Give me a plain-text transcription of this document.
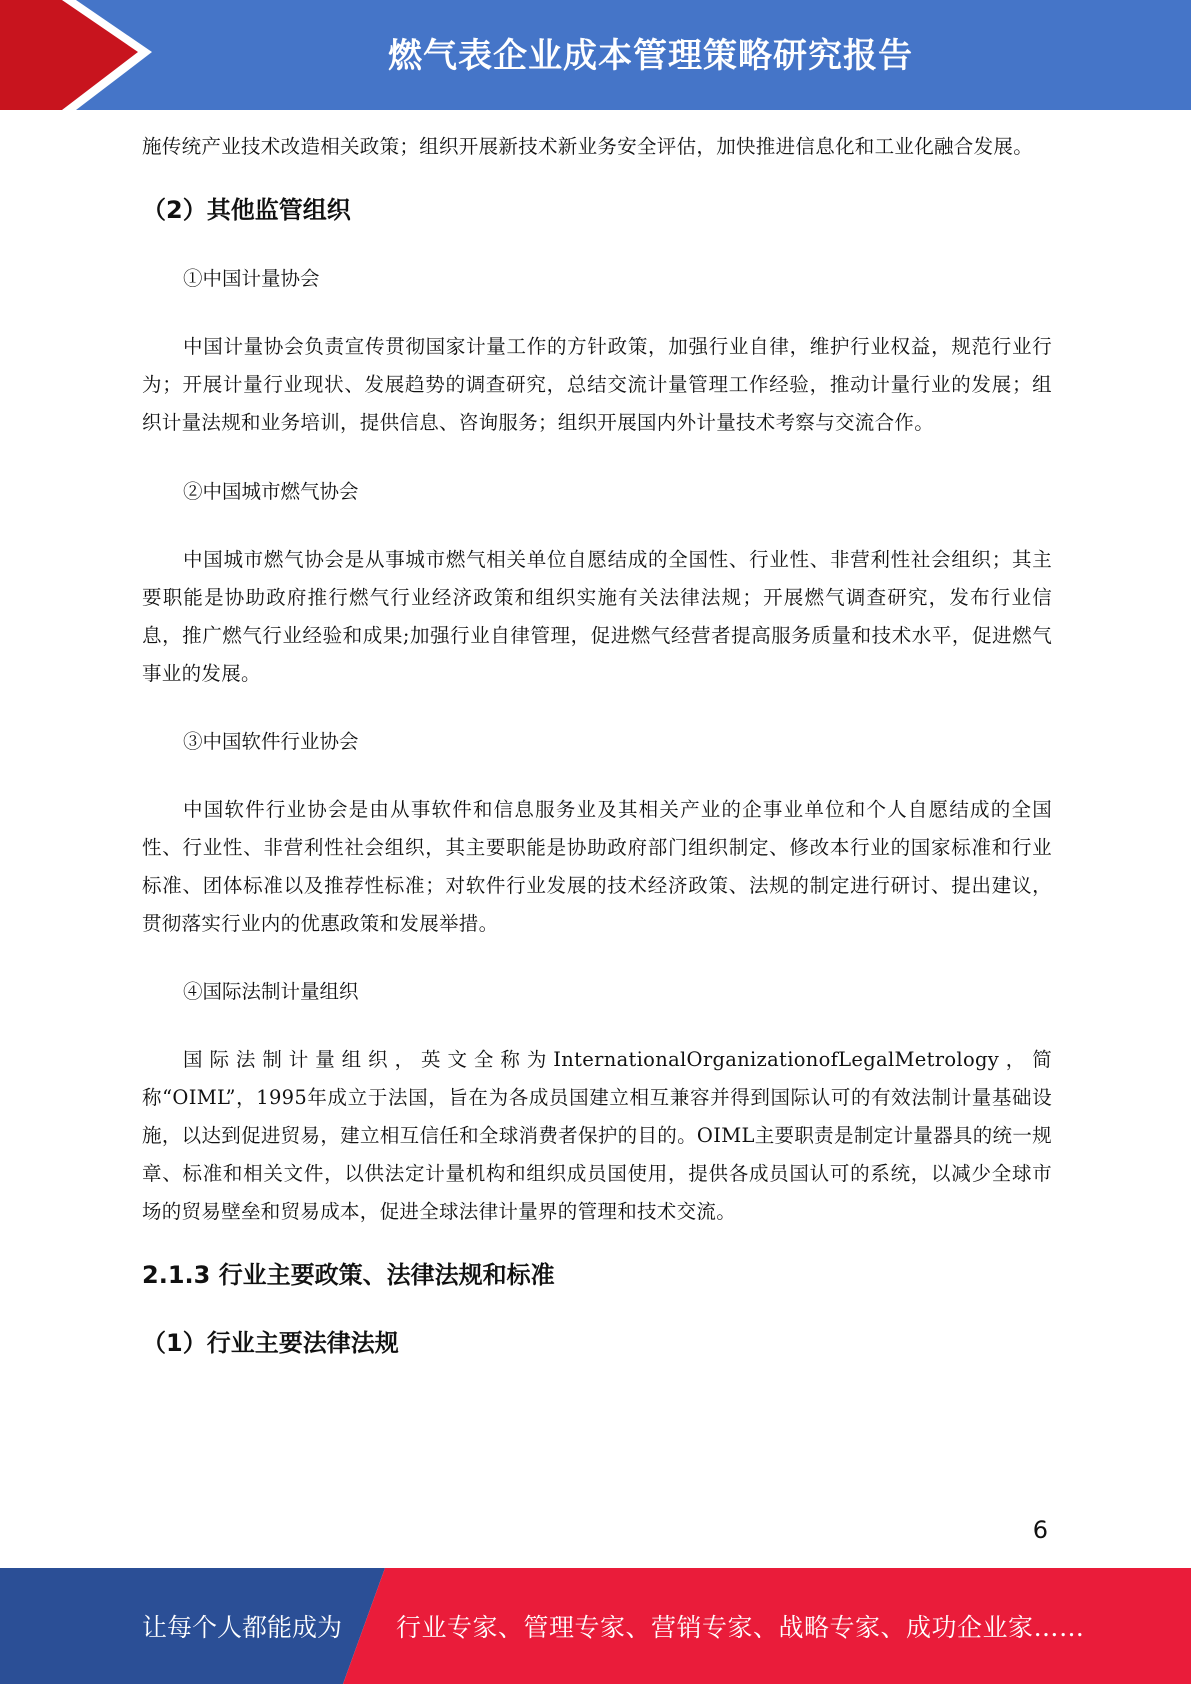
燃气表企业成本管理策略研究报告

施传统产业技术改造相关政策；组织开展新技术新业务安全评估，加快推进信息化和工业化融合发展。

（2）其他监管组织

①中国计量协会

中国计量协会负责宣传贯彻国家计量工作的方针政策，加强行业自律，维护行业权益，规范行业行为；开展计量行业现状、发展趋势的调查研究，总结交流计量管理工作经验，推动计量行业的发展；组织计量法规和业务培训，提供信息、咨询服务；组织开展国内外计量技术考察与交流合作。

②中国城市燃气协会

中国城市燃气协会是从事城市燃气相关单位自愿结成的全国性、行业性、非营利性社会组织；其主要职能是协助政府推行燃气行业经济政策和组织实施有关法律法规；开展燃气调查研究，发布行业信息，推广燃气行业经验和成果;加强行业自律管理，促进燃气经营者提高服务质量和技术水平，促进燃气事业的发展。

③中国软件行业协会

中国软件行业协会是由从事软件和信息服务业及其相关产业的企事业单位和个人自愿结成的全国性、行业性、非营利性社会组织，其主要职能是协助政府部门组织制定、修改本行业的国家标准和行业标准、团体标准以及推荐性标准；对软件行业发展的技术经济政策、法规的制定进行研讨、提出建议，贯彻落实行业内的优惠政策和发展举措。

④国际法制计量组织

国际法制计量组织，英文全称为InternationalOrganizationofLegalMetrology，简称“OIML”，1995年成立于法国，旨在为各成员国建立相互兼容并得到国际认可的有效法制计量基础设施，以达到促进贸易，建立相互信任和全球消费者保护的目的。OIML主要职责是制定计量器具的统一规章、标准和相关文件，以供法定计量机构和组织成员国使用，提供各成员国认可的系统，以减少全球市场的贸易壁垒和贸易成本，促进全球法律计量界的管理和技术交流。

2.1.3 行业主要政策、法律法规和标准
（1）行业主要法律法规
6
让每个人都能成为 行业专家、管理专家、营销专家、战略专家、成功企业家……
